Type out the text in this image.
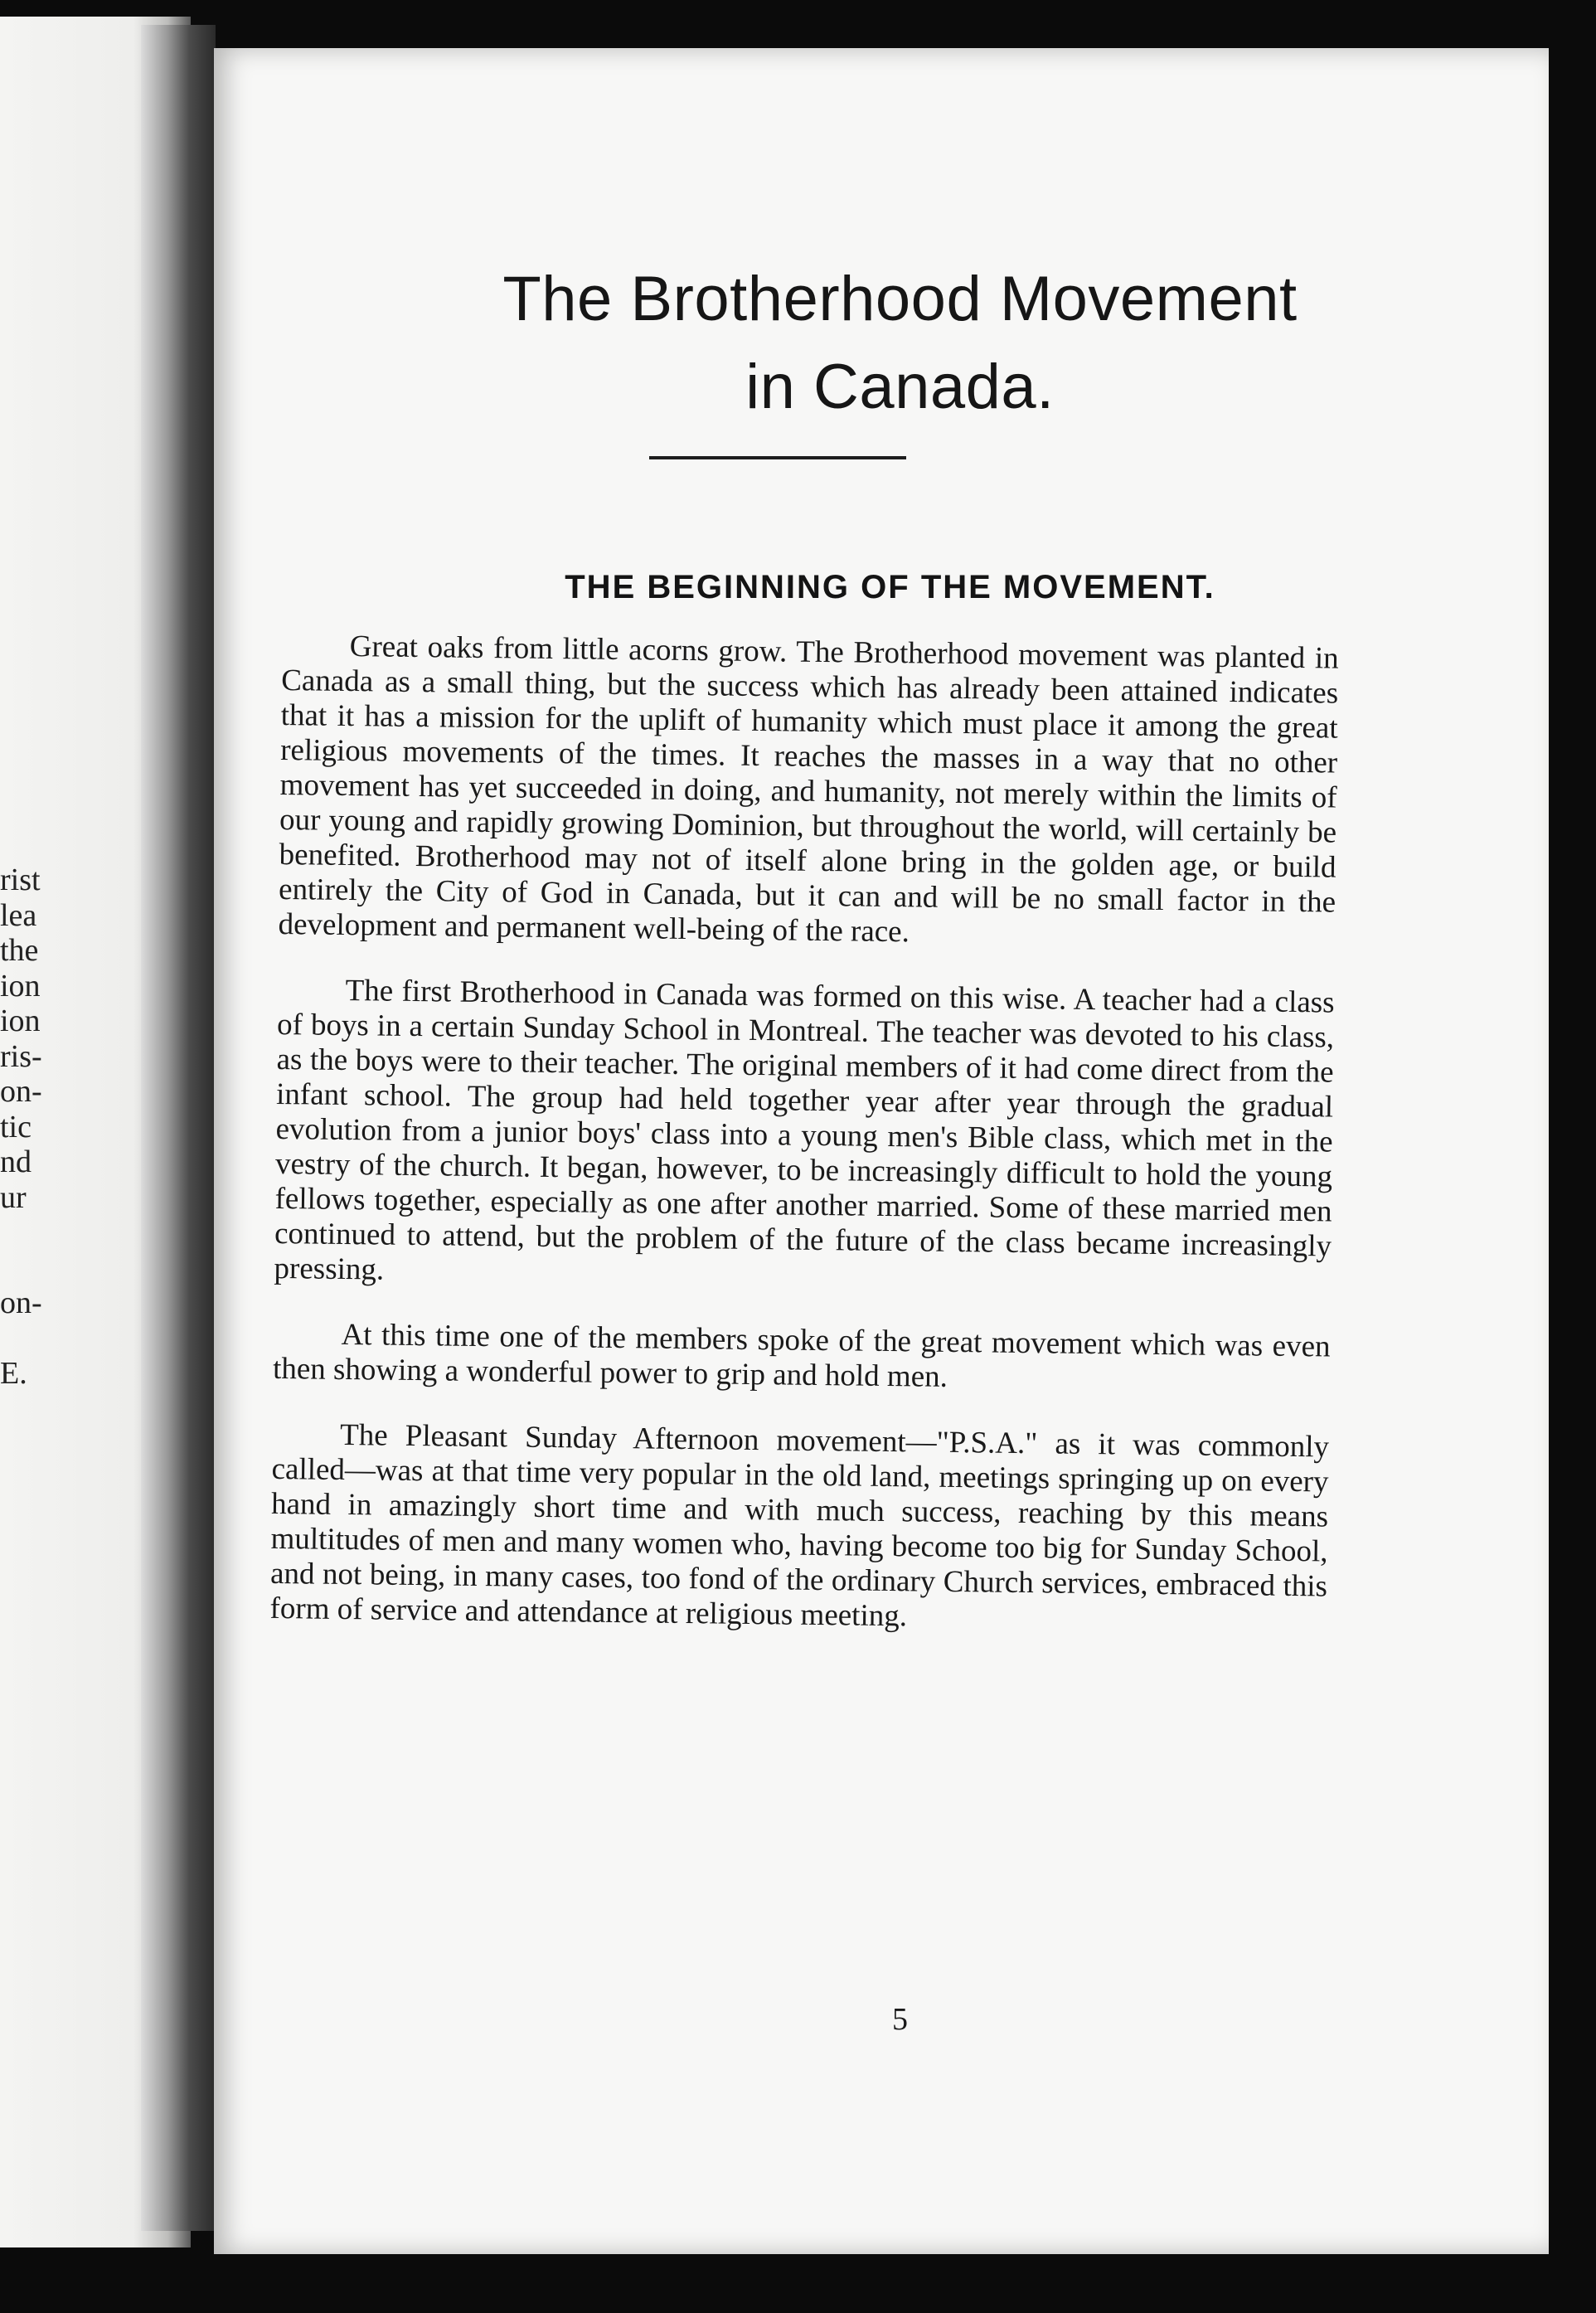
rist
lea
the
ion
ion
ris-
on-
tic
nd
ur

on-

E.
The Brotherhood Movement
in Canada.
THE BEGINNING OF THE MOVEMENT.

Great oaks from little acorns grow. The Brotherhood movement was planted in Canada as a small thing, but the success which has already been attained indicates that it has a mission for the uplift of humanity which must place it among the great religious movements of the times. It reaches the masses in a way that no other movement has yet succeeded in doing, and humanity, not merely within the limits of our young and rapidly growing Dominion, but throughout the world, will certainly be benefited. Brotherhood may not of itself alone bring in the golden age, or build entirely the City of God in Canada, but it can and will be no small factor in the development and permanent well-being of the race.

The first Brotherhood in Canada was formed on this wise. A teacher had a class of boys in a certain Sunday School in Montreal. The teacher was devoted to his class, as the boys were to their teacher. The original members of it had come direct from the infant school. The group had held together year after year through the gradual evolution from a junior boys' class into a young men's Bible class, which met in the vestry of the church. It began, however, to be increasingly difficult to hold the young fellows together, especially as one after another married. Some of these married men continued to attend, but the problem of the future of the class became increasingly pressing.

At this time one of the members spoke of the great movement which was even then showing a wonderful power to grip and hold men.

The Pleasant Sunday Afternoon movement—"P.S.A." as it was commonly called—was at that time very popular in the old land, meetings springing up on every hand in amazingly short time and with much success, reaching by this means multitudes of men and many women who, having become too big for Sunday School, and not being, in many cases, too fond of the ordinary Church services, embraced this form of service and attendance at religious meeting.

5
